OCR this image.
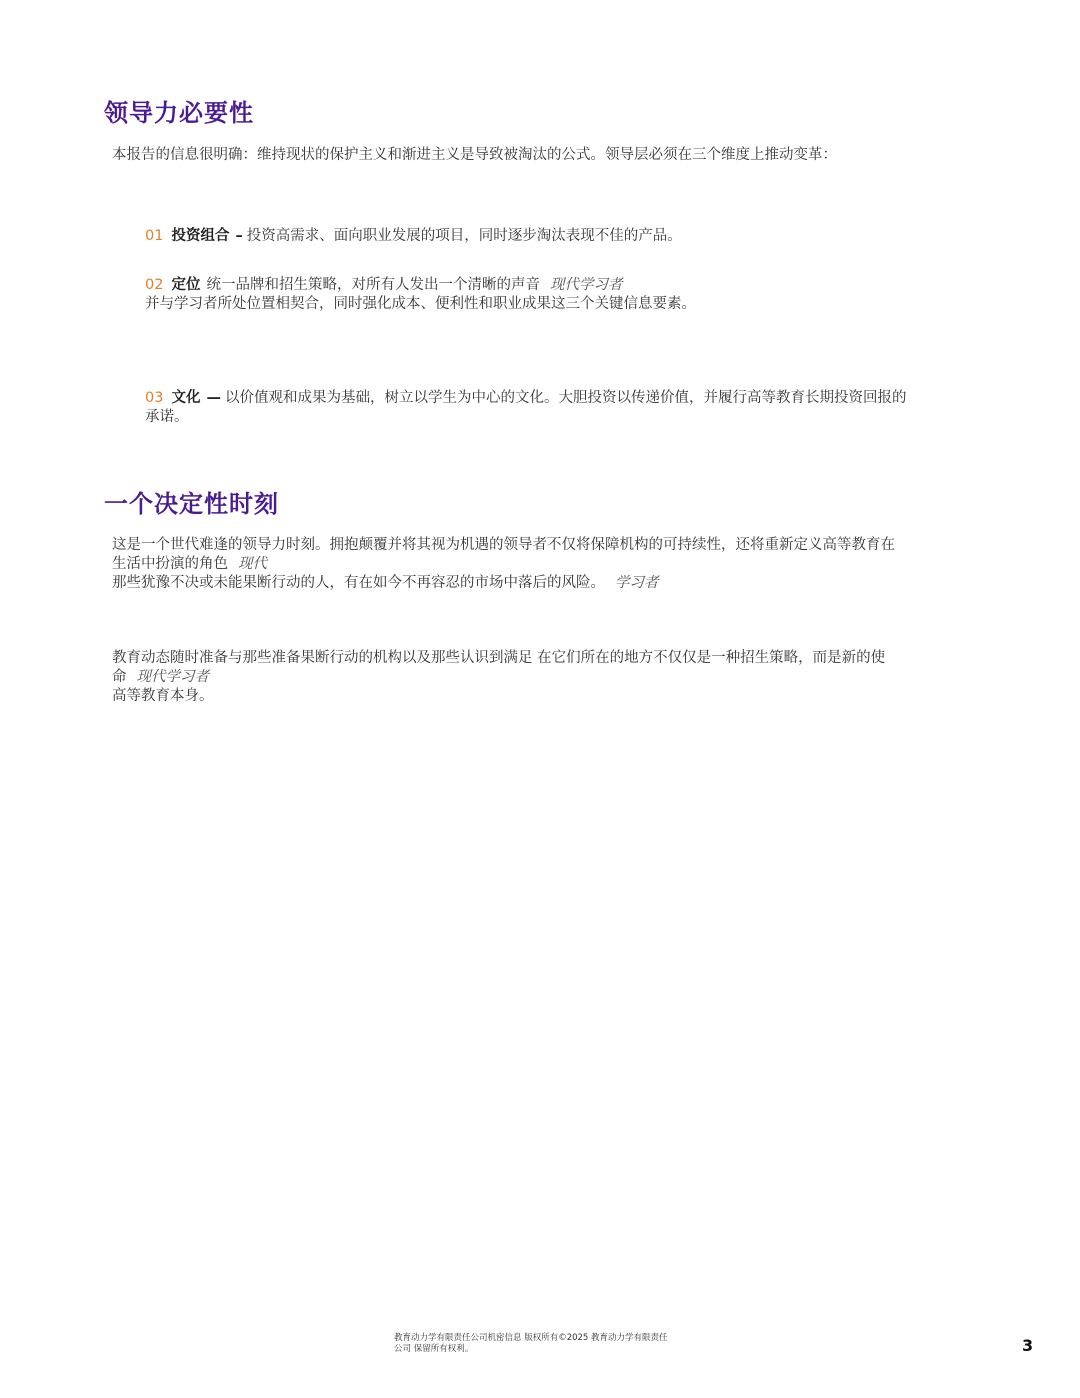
领导力必要性

本报告的信息很明确：维持现状的保护主义和渐进主义是导致被淘汰的公式。领导层必须在三个维度上推动变革：

01 投资组合 – 投资高需求、面向职业发展的项目，同时逐步淘汰表现不佳的产品。
02 定位 统一品牌和招生策略，对所有人发出一个清晰的声音 现代学习者
并与学习者所处位置相契合，同时强化成本、便利性和职业成果这三个关键信息要素。
03 文化 — 以价值观和成果为基础，树立以学生为中心的文化。大胆投资以传递价值，并履行高等教育长期投资回报的
承诺。
一个决定性时刻
这是一个世代难逢的领导力时刻。拥抱颠覆并将其视为机遇的领导者不仅将保障机构的可持续性，还将重新定义高等教育在
生活中扮演的角色 现代
那些犹豫不决或未能果断行动的人，有在如今不再容忍的市场中落后的风险。 学习者
教育动态随时准备与那些准备果断行动的机构以及那些认识到满足 在它们所在的地方不仅仅是一种招生策略，而是新的使
命 现代学习者
高等教育本身。
教育动力学有限责任公司机密信息 版权所有©2025 教育动力学有限责任
公司 保留所有权利。	3
